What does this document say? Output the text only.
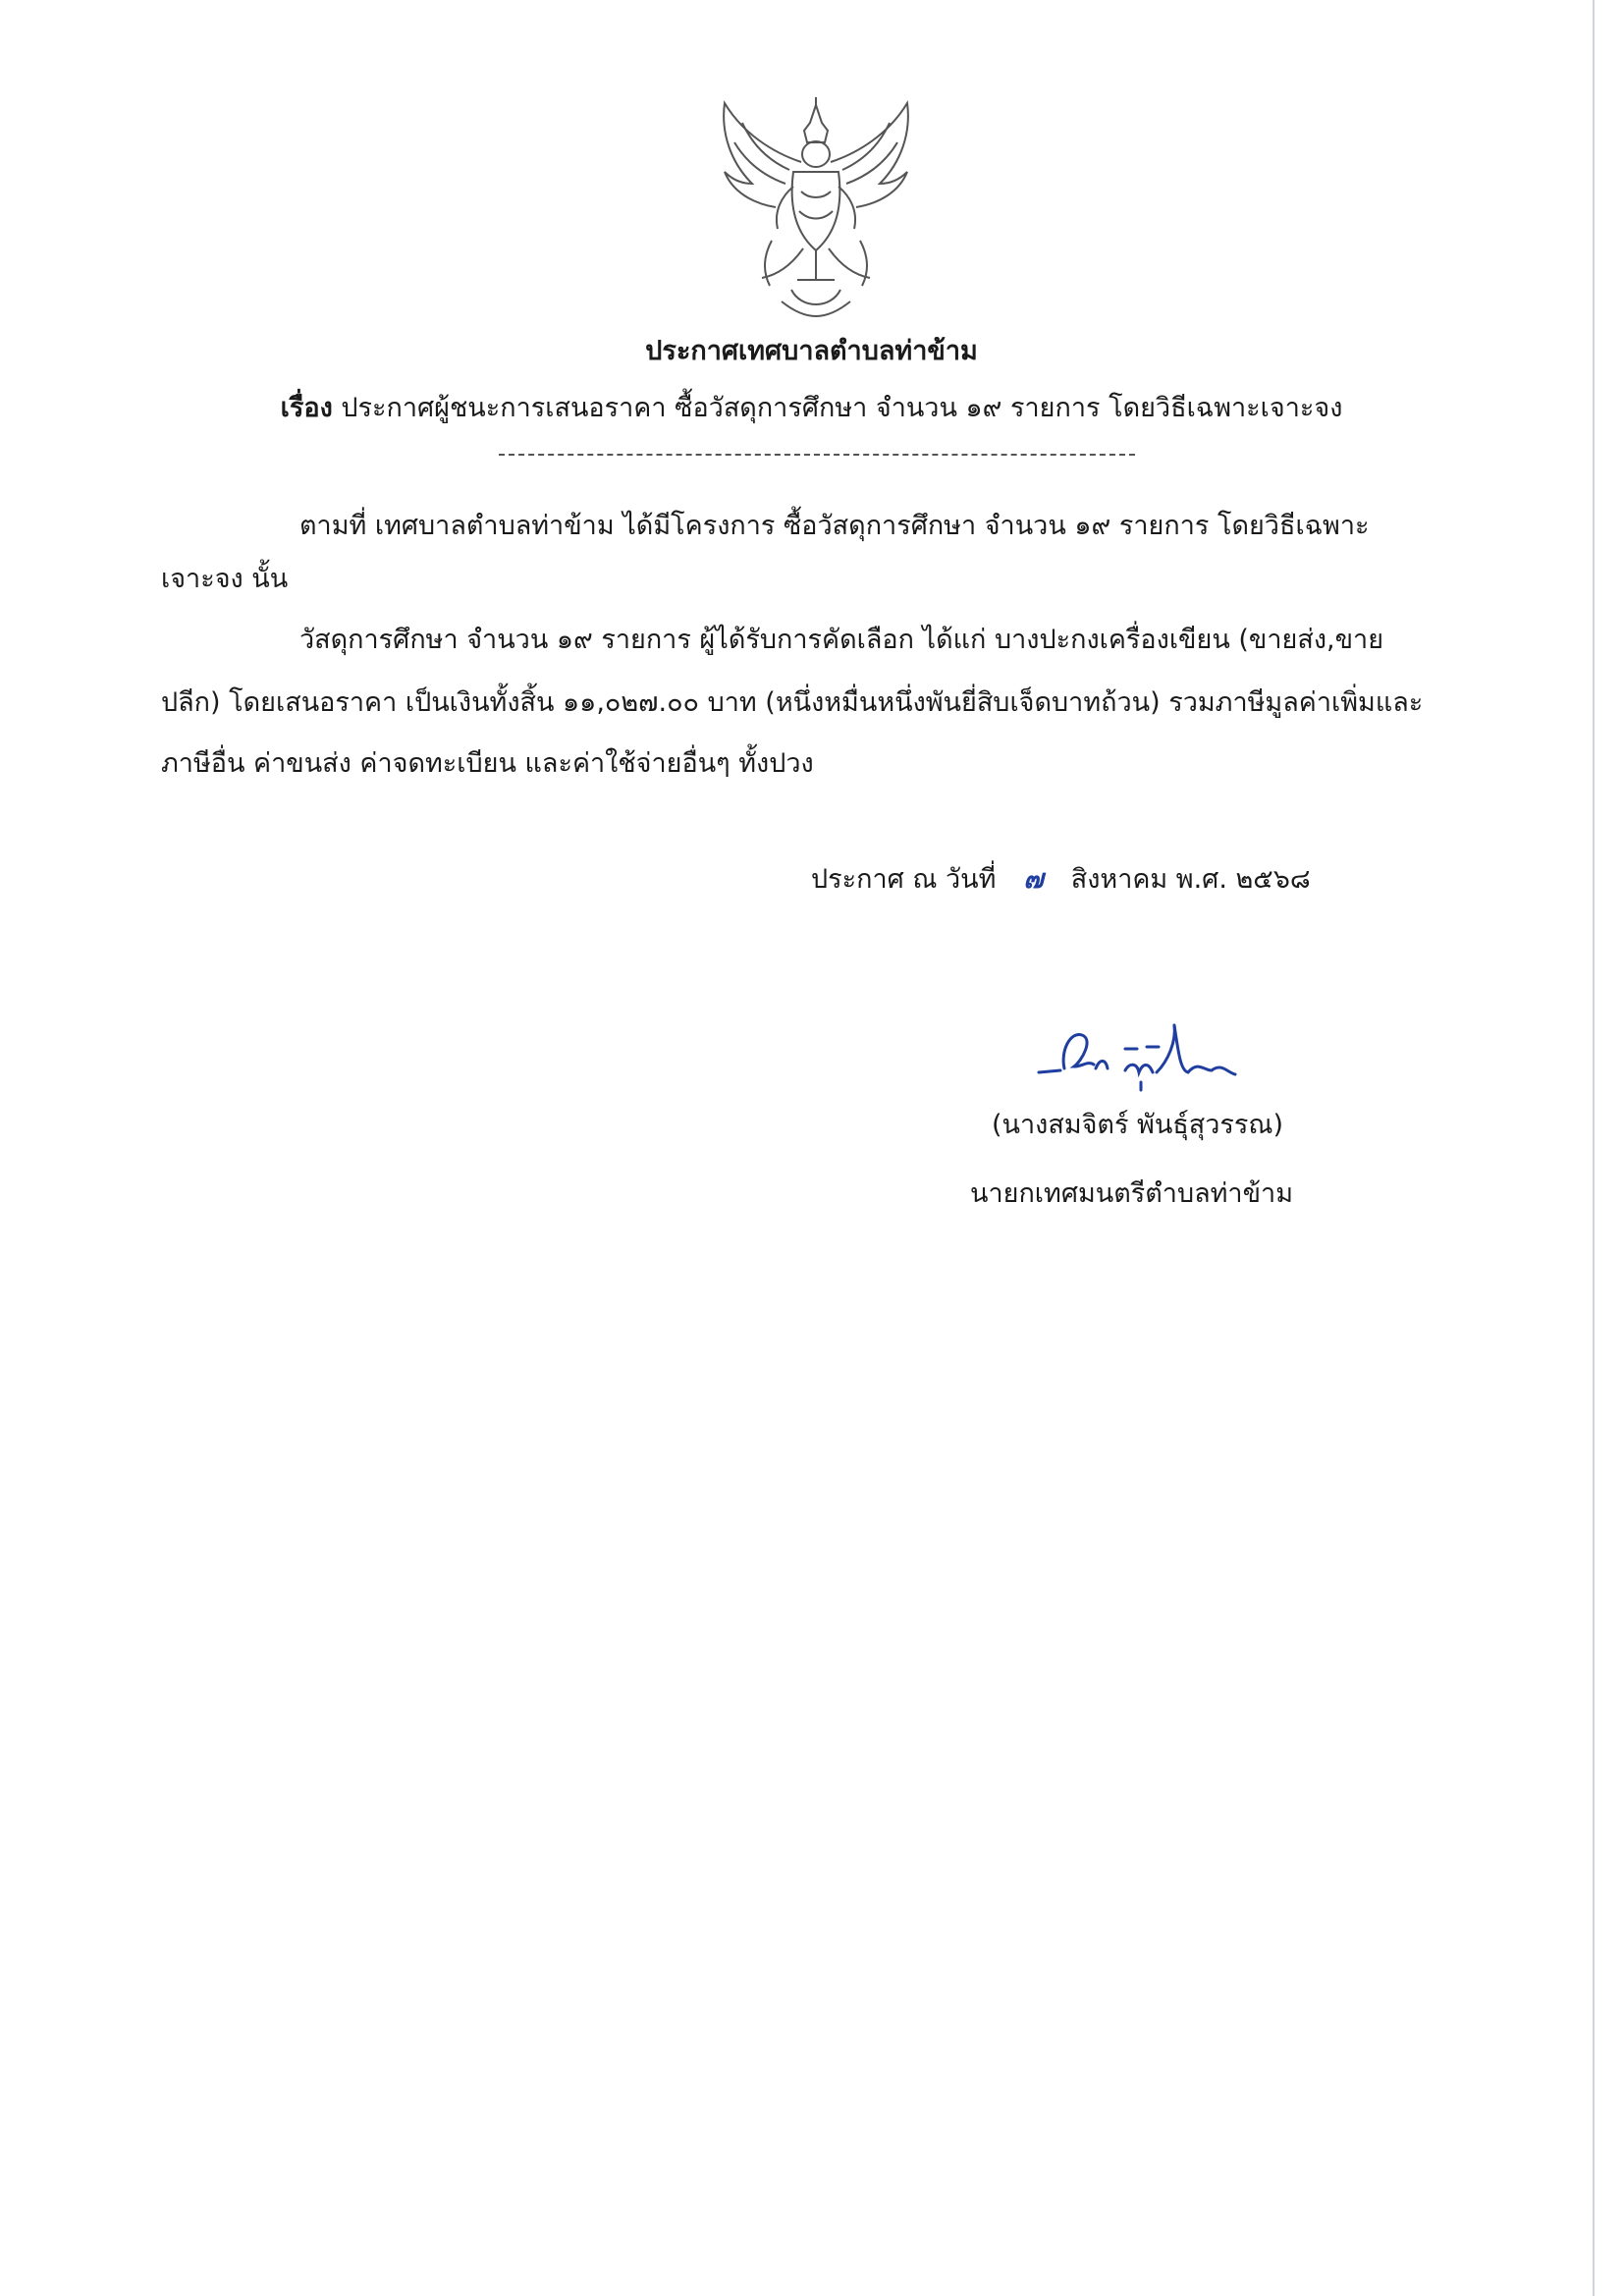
ประกาศเทศบาลตำบลท่าข้าม
เรื่อง ประกาศผู้ชนะการเสนอราคา ซื้อวัสดุการศึกษา จำนวน ๑๙ รายการ โดยวิธีเฉพาะเจาะจง
ตามที่ เทศบาลตำบลท่าข้าม ได้มีโครงการ ซื้อวัสดุการศึกษา จำนวน ๑๙ รายการ โดยวิธีเฉพาะ
เจาะจง นั้น
วัสดุการศึกษา จำนวน ๑๙ รายการ ผู้ได้รับการคัดเลือก ได้แก่ บางปะกงเครื่องเขียน (ขายส่ง,ขาย
ปลีก) โดยเสนอราคา เป็นเงินทั้งสิ้น ๑๑,๐๒๗.๐๐ บาท (หนึ่งหมื่นหนึ่งพันยี่สิบเจ็ดบาทถ้วน) รวมภาษีมูลค่าเพิ่มและ
ภาษีอื่น ค่าขนส่ง ค่าจดทะเบียน และค่าใช้จ่ายอื่นๆ ทั้งปวง
ประกาศ ณ วันที่ ๗ สิงหาคม พ.ศ. ๒๕๖๘
(นางสมจิตร์ พันธุ์สุวรรณ)
นายกเทศมนตรีตำบลท่าข้าม
